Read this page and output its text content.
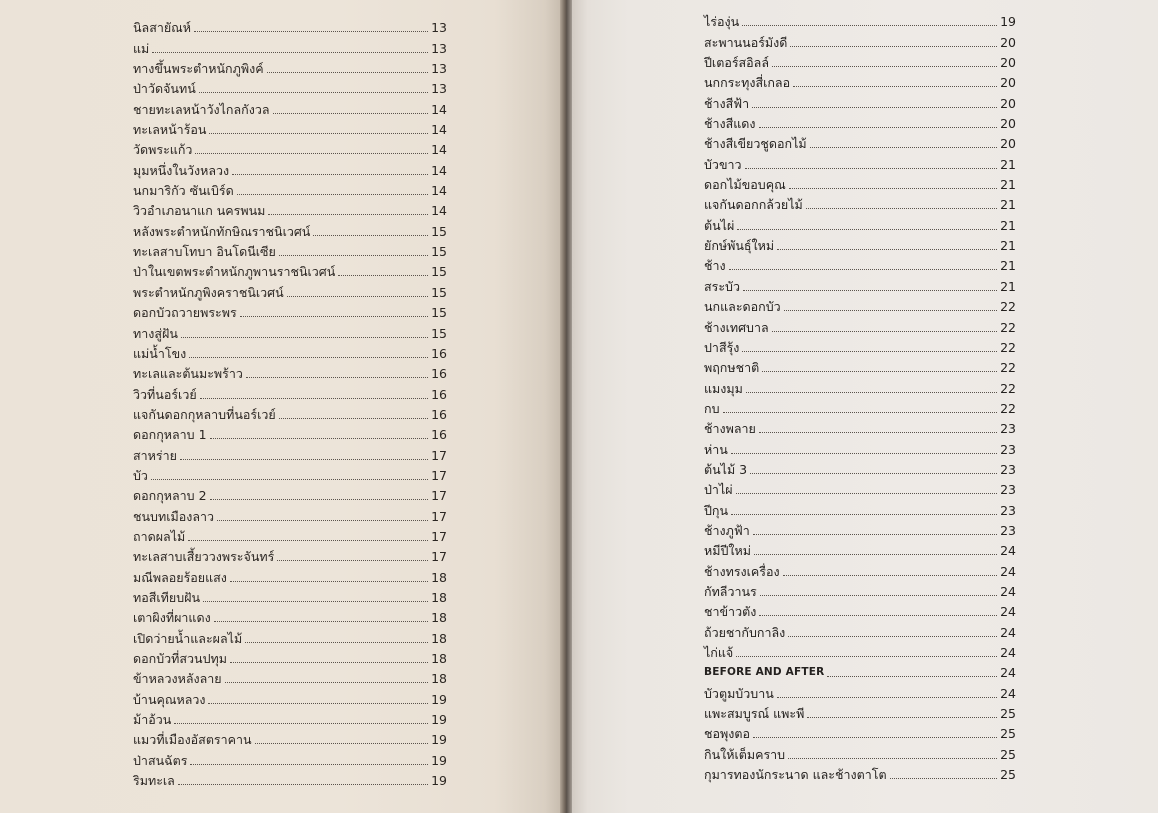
นิลสายัณห์	13
แม่	13
ทางขึ้นพระตำหนักภูพิงค์	13
ป่าวัดจันทน์	13
ชายทะเลหน้าวังไกลกังวล	14
ทะเลหน้าร้อน	14
วัดพระแก้ว	14
มุมหนึ่งในวังหลวง	14
นกมาริกัว ซันเบิร์ด	14
วิวอำเภอนาแก นครพนม	14
หลังพระตำหนักทักษิณราชนิเวศน์	15
ทะเลสาบโทบา อินโดนีเซีย	15
ป่าในเขตพระตำหนักภูพานราชนิเวศน์	15
พระตำหนักภูพิงคราชนิเวศน์	15
ดอกบัวถวายพระพร	15
ทางสู่ฝัน	15
แม่น้ำโขง	16
ทะเลและต้นมะพร้าว	16
วิวที่นอร์เวย์	16
แจกันดอกกุหลาบที่นอร์เวย์	16
ดอกกุหลาบ 1	16
สาหร่าย	17
บัว	17
ดอกกุหลาบ 2	17
ชนบทเมืองลาว	17
ถาดผลไม้	17
ทะเลสาบเสี้ยววงพระจันทร์	17
มณีพลอยร้อยแสง	18
ทอสีเทียบฝัน	18
เตาผิงที่ผาแดง	18
เปิดว่ายน้ำและผลไม้	18
ดอกบัวที่สวนปทุม	18
ข้าหลวงหลังลาย	18
บ้านคุณหลวง	19
ม้าอ้วน	19
แมวที่เมืองอัสตราคาน	19
ป่าสนฉัตร	19
ริมทะเล	19
ไร่องุ่น	19
สะพานนอร์มังดี	20
ปีเตอร์สอิลล์	20
นกกระทุงสี่เกลอ	20
ช้างสีฟ้า	20
ช้างสีแดง	20
ช้างสีเขียวชูดอกไม้	20
บัวขาว	21
ดอกไม้ขอบคุณ	21
แจกันดอกกล้วยไม้	21
ต้นไผ่	21
ยักษ์พันธุ์ใหม่	21
ช้าง	21
สระบัว	21
นกและดอกบัว	22
ช้างเทศบาล	22
ปาสีรุ้ง	22
พฤกษชาติ	22
แมงมุม	22
กบ	22
ช้างพลาย	23
ห่าน	23
ต้นไม้ 3	23
ป่าไผ่	23
ปีกุน	23
ช้างภูฟ้า	23
หมีปีใหม่	24
ช้างทรงเครื่อง	24
กัทลีวานร	24
ชาข้าวตัง	24
ถ้วยชากับกาลิง	24
ไก่แจ้	24
BEFORE AND AFTER	24
บัวตูมบัวบาน	24
แพะสมบูรณ์ แพะพี	25
ชอพุงตอ	25
กินให้เต็มคราบ	25
กุมารทองนักระนาด และช้างตาโต	25
